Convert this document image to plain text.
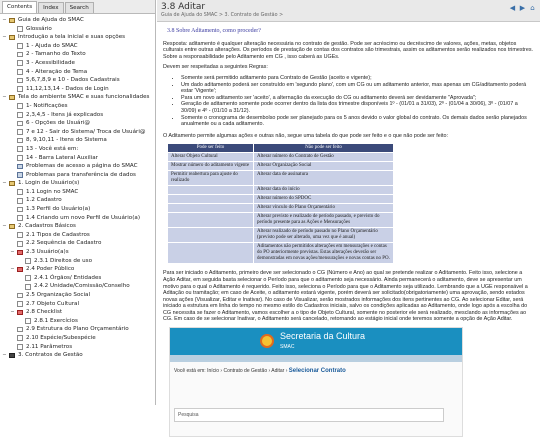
Contents	Index	Search
− Guia de Ajuda do SMAC
Glossário
− Introdução a tela inicial e suas opções
1 - Ajuda do SMAC
2 - Tamanho do Texto
3 - Acessibilidade
4 - Alteração de Tema
5,6,7,8,9 e 10 - Dados Cadastrais
11,12,13,14 - Dados de Login
− Tela do ambiente SMAC e suas funcionalidades
1- Notificações
2,3,4,5 - Itens já explicados
6 - Opções de Usuári@
7 e 12 - Sair do Sistema/ Troca de Usuári@
8, 9,10,11 - Itens do Sistema
13 - Você está em:
14 - Barra Lateral Auxiliar
Problemas de acesso a página do SMAC
Problemas para transferência de dados
− 1. Login de Usuário(s)
1.1 Login no SMAC
1.2 Cadastro
1.3 Perfil do Usuário(a)
1.4 Criando um novo Perfil de Usuário(a)
− 2. Cadastros Básicos
2.1 Tipos de Cadastros
2.2 Sequência de Cadastro
− 2.3 Usuário(a)s
2.3.1 Direitos de uso
− 2.4 Poder Público
2.4.1 Órgãos/ Entidades
2.4.2 Unidade/Comissão/Conselho
2.5 Organização Social
2.7 Objeto Cultural
− 2.8 Checklist
2.8.1 Exercícios
2.9 Estrutura do Plano Orçamentário
2.10 Espécie/Subespécie
2.11 Parâmetros
− 3. Contratos de Gestão
3.8 Aditar
Guia de Ajuda do SMAC > 3. Contrato de Gestão >
◀ ▶ ⌂
3.8 Sobre Aditamento, como proceder?

Resposta: aditamento é qualquer alteração necessária no contrato de gestão. Pode ser acréscimo ou decréscimo de valores, ações, metas, objetos culturais entre outras alterações. Os períodos de prestação de contas dos contratos são trimestrais, assim os aditamentos serão realizados nos trimestres. Sobre a responsabilidade pelo Aditamento em CG , isso caberá as UGEs.

Devem ser respeitadas a seguintes Regras:

• Somente será permitido aditamento para Contrato de Gestão (aceito e vigente);
• Um dado aditamento poderá ser construído em 'segundo plano', com um CG ou um aditamento anterior, mas apenas um CG/aditamento poderá estar 'Vigente';
• Para um novo aditamento ser 'aceito', a alternação da execução do CG ou aditamento deverá ser devidamente "Aprovada";
• Geração de aditamento somente pode ocorrer dentro da lista dos trimestre disponíveis 1º - (01/01 a 31/03), 2º - (01/04 a 30/06), 3º - (01/07 a 30/09) e 4º - (01/10 a 31/12).
• Somente o cronograma de desembolso pode ser planejado para os 5 anos devido o valor global do contrato. Os demais dados serão planejados anualmente ou a cada aditamento.

O Aditamento permite algumas ações e outras não, segue uma tabela do que pode ser feito e o que não pode ser feito:

Pode ser feito	Não pode ser feito
Alterar Objeto Cultural	Alterar número do Contrato de Gestão
Mostrar número do aditamento vigente	Alterar Organização Social
Permitir reabertura para ajuste do realizado	Alterar data de assinatura
	Alterar data do início
	Alterar número do SPDOC
	Alterar vínculo do Plano Orçamentário
	Alterar previsto e realizado de período passado, e previsto do período presente para as Ações e Mensurações
	Alterar realizado de período passado no Plano Orçamentário (previsto pode ser alterado, uma vez que é anual)
	Aditamentos não permitidos alterações em mensurações e contas do PO anteriormente previstas. Estas alterações deverão ser demonstradas em novas ações/mensurações e novas contas no PO.

Para ser iniciado o Aditamento, primeiro deve ser selecionado o CG (Número e Ano) ao qual se pretende realizar o Aditamento. Feito isso, selecione a Ação Aditar, em seguida basta selecionar o Período para que o aditamento seja necessário. Ainda permanecerá o aditamento, deve se apresentar um motivo para o qual o Aditamento é requerido. Feito isso, seleciona o Período para que o Aditamento seja utilizado. Lembrando que a UGE responsável a Aditação ou tramitação; em caso de Aceite, o aditamento estará vigente, porém deverá ser solicitado(obrigatoriamente) uma aprovação, sendo estados novas ações (Visualizar, Editar e Inativar). No caso de Visualizar, serão mostrados informações dos itens pertinentes ao CG. Ao selecionar Editar, será iniciado a estrutura em linha do tempo no mesmo estilo do Cadastros iniciais, salvo os condições aplicadas ao Aditamento, onde logo após a escolha do CG necessita se fazer o Aditamento, vamos escolher a o tipo de Objeto Cultural, somente no posterior ele será realizado, mesclando as informações ao CG. Em caso de se selecionar Inativar, o Aditamento será cancelado, retornando ao estágio inicial onde teremos somente a opção de Ação Aditar.

Secretaria da Cultura
SMAC
Você está em: Início › Contrato de Gestão › Aditar › Selecionar Contrato
Pesquisa
